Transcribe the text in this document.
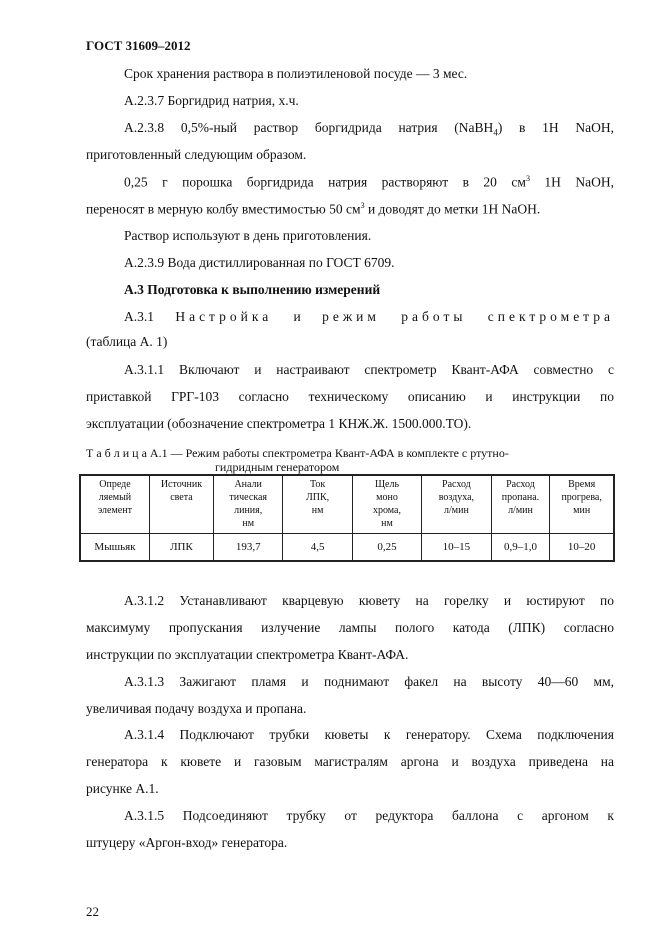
ГОСТ 31609–2012
Срок хранения раствора в полиэтиленовой посуде — 3 мес.
А.2.3.7 Боргидрид натрия, х.ч.
А.2.3.8 0,5%-ный раствор боргидрида натрия (NaBH$_4$) в 1Н NaOH,
приготовленный следующим образом.
0,25 г порошка боргидрида натрия растворяют в 20 $см^3$ 1Н NaOH,
переносят в мерную колбу вместимостью 50 $см^3$ и доводят до метки 1Н NaOH.
Раствор используют в день приготовления.
А.2.3.9 Вода дистиллированная по ГОСТ 6709.
А.3 Подготовка к выполнению измерений
А.3.1 Настройка и режим работы спектрометра
(таблица А. 1)
А.3.1.1 Включают и настраивают спектрометр Квант-АФА совместно с
приставкой ГРГ-103 согласно техническому описанию и инструкции по
эксплуатации (обозначение спектрометра 1 КНЖ.Ж. 1500.000.ТО).
Т а б л и ц а А.1 — Режим работы спектрометра Квант-АФА в комплекте с ртутно-
гидридным генератором
Опреде
ляемый
элемент	Источник
света	Анали
тическая
линия,
нм	Ток
ЛПК,
нм	Щель
моно
хрома,
нм	Расход
воздуха,
л/мин	Расход
пропана.
л/мин	Время
прогрева,
мин
Мышьяк	ЛПК	193,7	4,5	0,25	10–15	0,9–1,0	10–20
А.3.1.2 Устанавливают кварцевую кювету на горелку и юстируют по
максимуму пропускания излучение лампы полого катода (ЛПК) согласно
инструкции по эксплуатации спектрометра Квант-АФА.
А.3.1.3 Зажигают пламя и поднимают факел на высоту 40—60 мм,
увеличивая подачу воздуха и пропана.
А.3.1.4 Подключают трубки кюветы к генератору. Схема подключения
генератора к кювете и газовым магистралям аргона и воздуха приведена на
рисунке А.1.
А.3.1.5 Подсоединяют трубку от редуктора баллона с аргоном к
штуцеру «Аргон-вход» генератора.
22
